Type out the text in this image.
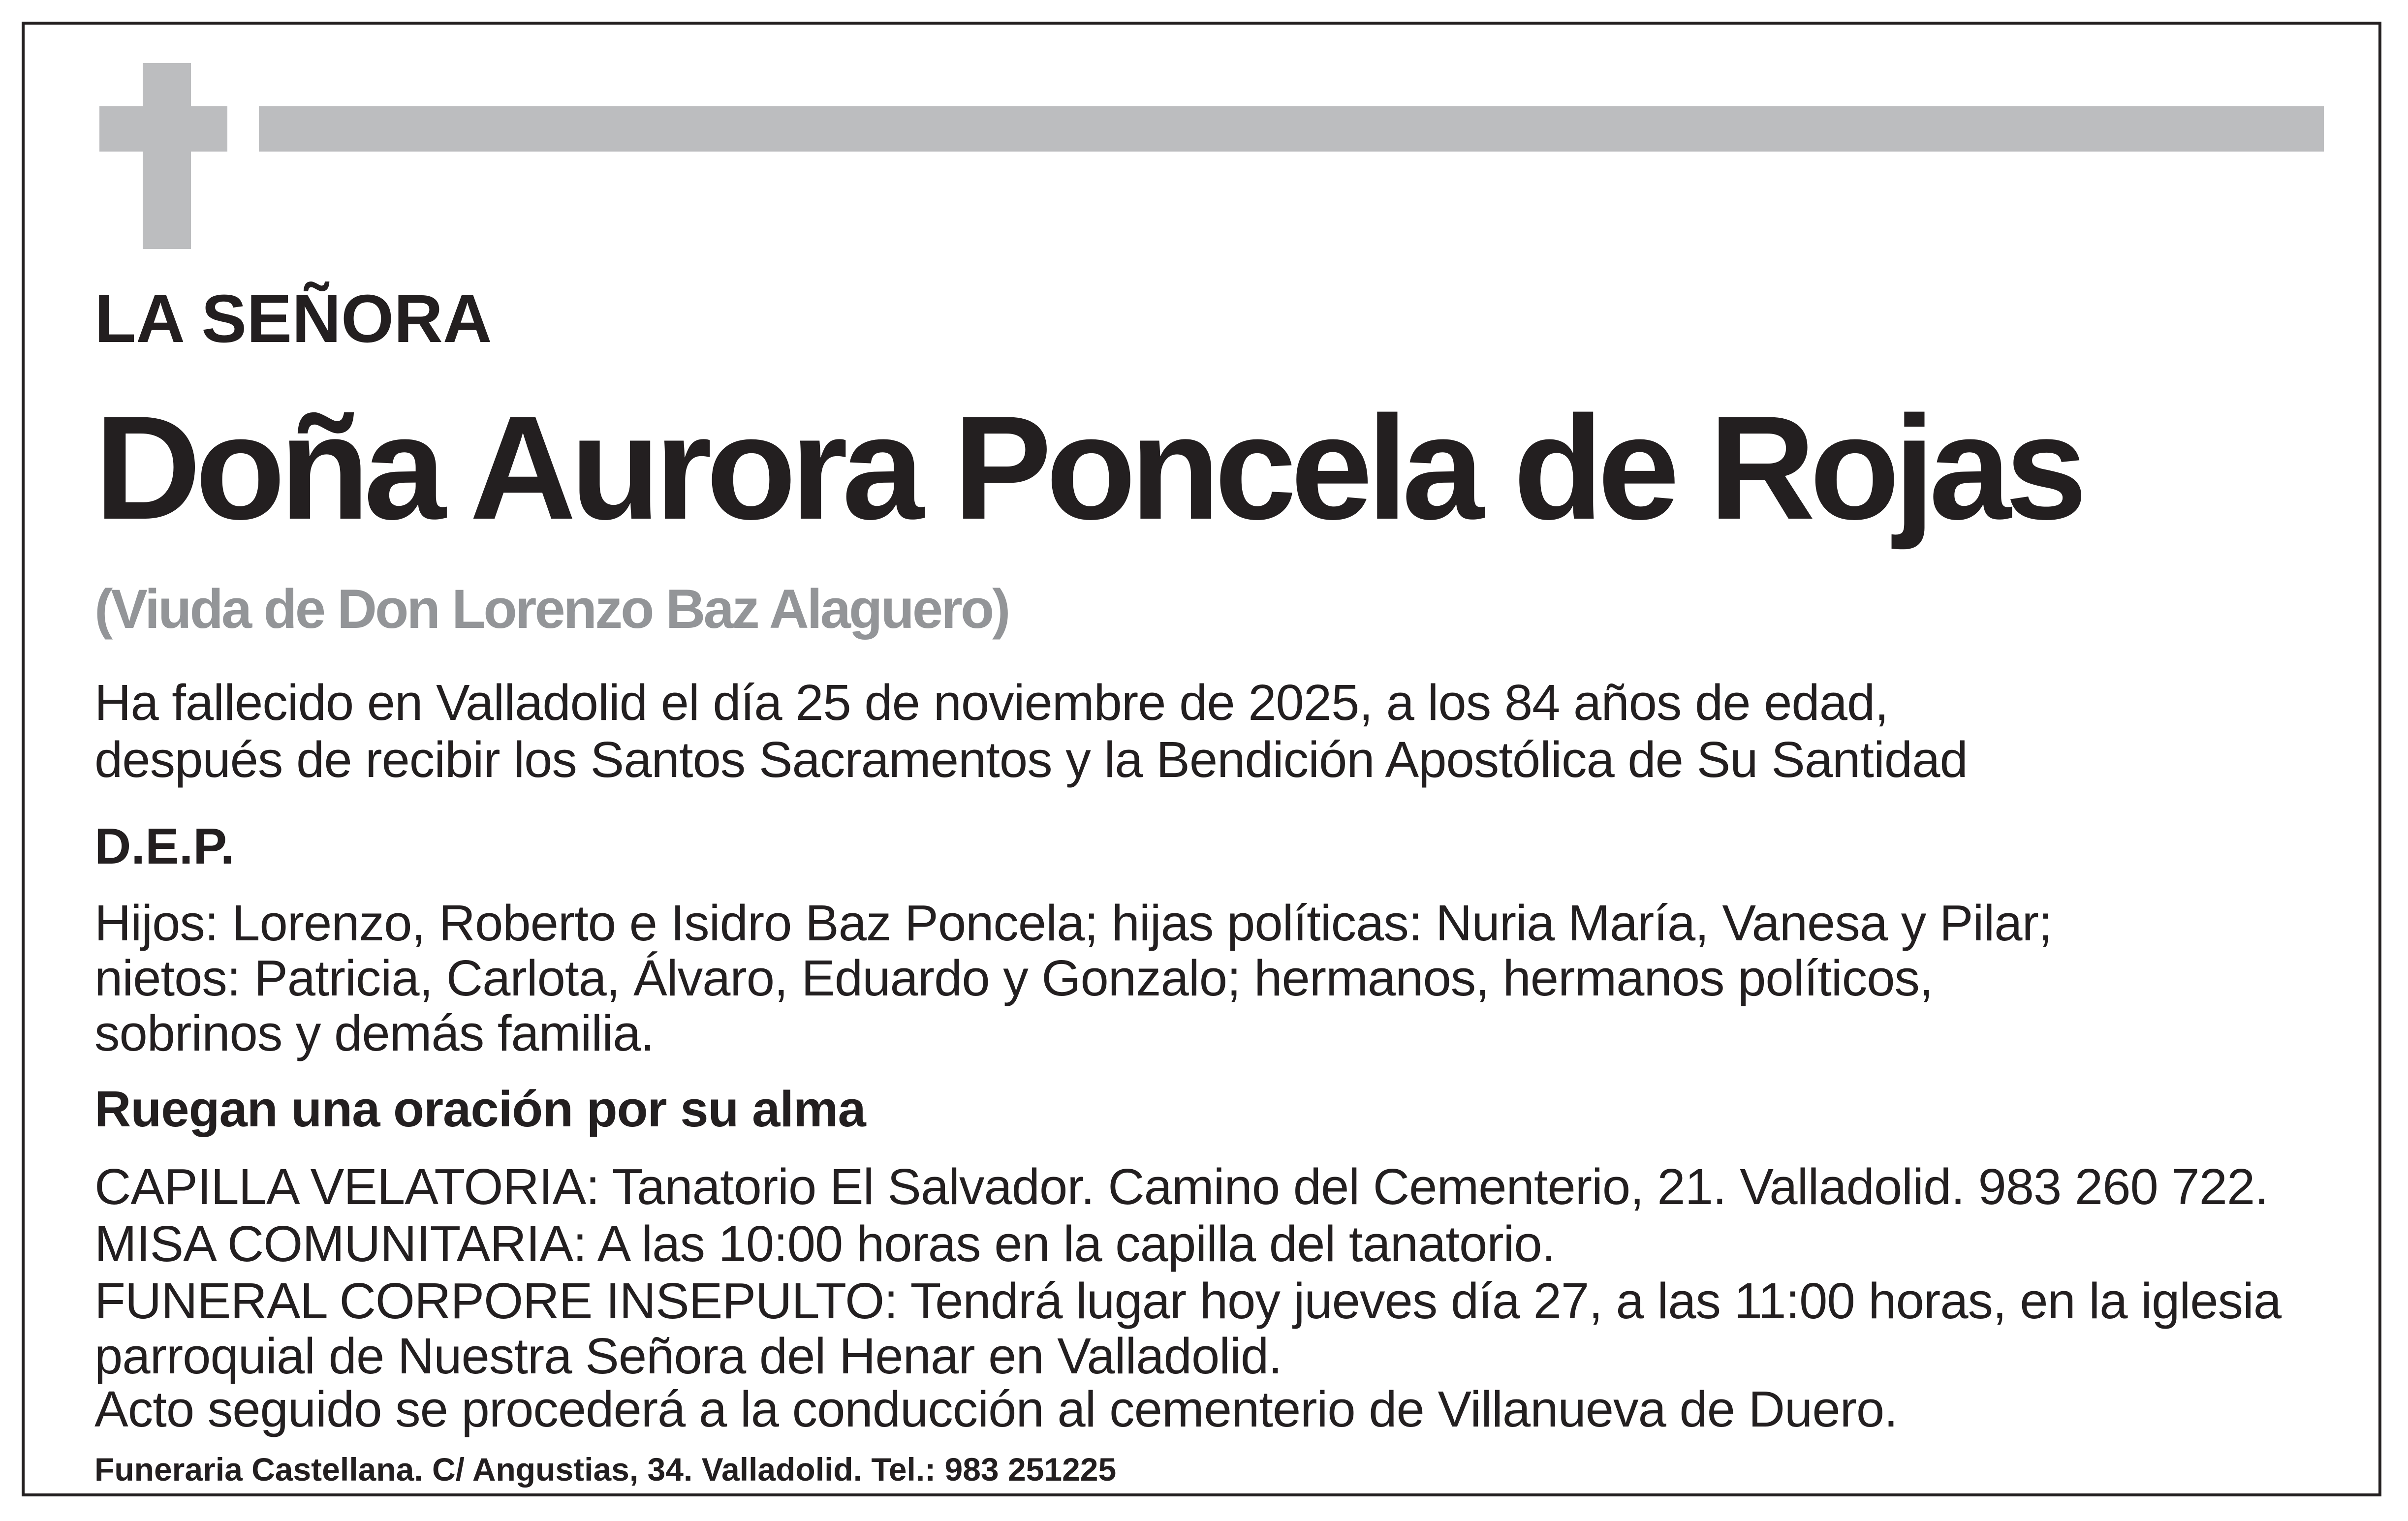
LA SEÑORA

Doña Aurora Poncela de Rojas

(Viuda de Don Lorenzo Baz Alaguero)

Ha fallecido en Valladolid el día 25 de noviembre de 2025, a los 84 años de edad,

después de recibir los Santos Sacramentos y la Bendición Apostólica de Su Santidad

D.E.P.

Hijos: Lorenzo, Roberto e Isidro Baz Poncela; hijas políticas: Nuria María, Vanesa y Pilar;

nietos: Patricia, Carlota, Álvaro, Eduardo y Gonzalo; hermanos, hermanos políticos,

sobrinos y demás familia.

Ruegan una oración por su alma

CAPILLA VELATORIA: Tanatorio El Salvador. Camino del Cementerio, 21. Valladolid. 983 260 722.

MISA COMUNITARIA: A las 10:00 horas en la capilla del tanatorio.

FUNERAL CORPORE INSEPULTO: Tendrá lugar hoy jueves día 27, a las 11:00 horas, en la iglesia

parroquial de Nuestra Señora del Henar en Valladolid.

Acto seguido se procederá a la conducción al cementerio de Villanueva de Duero.

Funeraria Castellana. C/ Angustias, 34. Valladolid. Tel.: 983 251225
